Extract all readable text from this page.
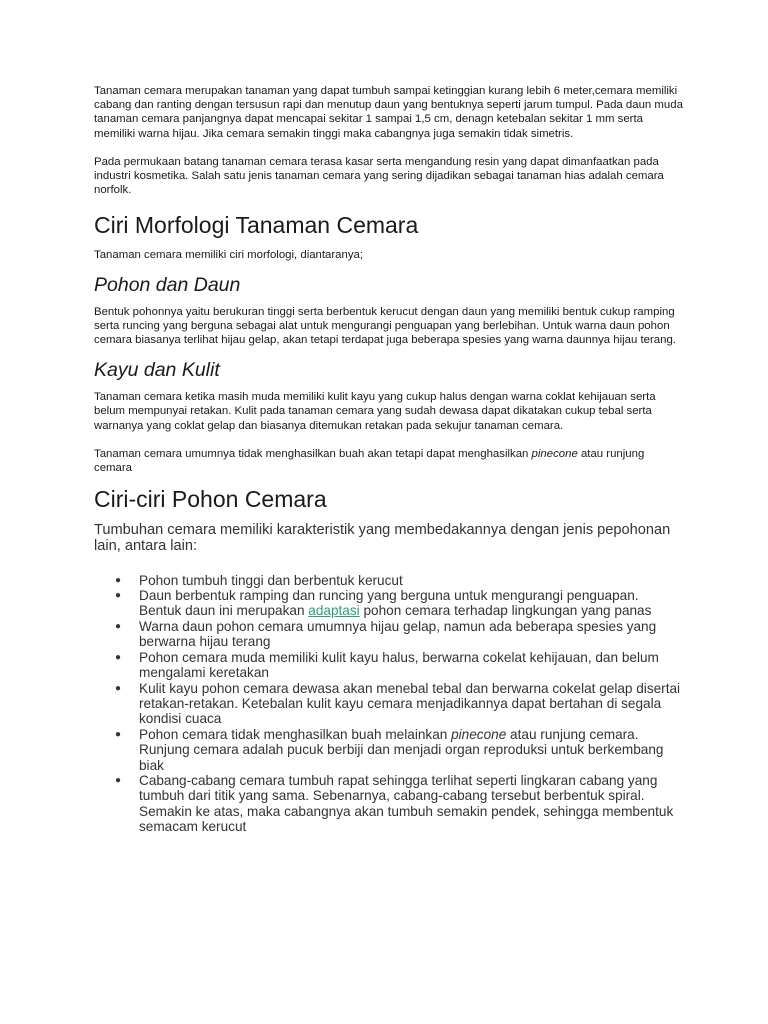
Tanaman cemara merupakan tanaman yang dapat tumbuh sampai ketinggian kurang lebih 6 meter,cemara memiliki cabang dan ranting dengan tersusun rapi dan menutup daun yang bentuknya seperti jarum tumpul. Pada daun muda tanaman cemara panjangnya dapat mencapai sekitar 1 sampai 1,5 cm, denagn ketebalan sekitar 1 mm serta memiliki warna hijau. Jika cemara semakin tinggi maka cabangnya juga semakin tidak simetris.

Pada permukaan batang tanaman cemara terasa kasar serta mengandung resin yang dapat dimanfaatkan pada industri kosmetika. Salah satu jenis tanaman cemara yang sering dijadikan sebagai tanaman hias adalah cemara norfolk.

Ciri Morfologi Tanaman Cemara

Tanaman cemara memiliki ciri morfologi, diantaranya;

Pohon dan Daun

Bentuk pohonnya yaitu berukuran tinggi serta berbentuk kerucut dengan daun yang memiliki bentuk cukup ramping serta runcing yang berguna sebagai alat untuk mengurangi penguapan yang berlebihan. Untuk warna daun pohon cemara biasanya terlihat hijau gelap, akan tetapi terdapat juga beberapa spesies yang warna daunnya hijau terang.

Kayu dan Kulit

Tanaman cemara ketika masih muda memiliki kulit kayu yang cukup halus dengan warna coklat kehijauan serta belum mempunyai retakan. Kulit pada tanaman cemara yang sudah dewasa dapat dikatakan cukup tebal serta warnanya yang coklat gelap dan biasanya ditemukan retakan pada sekujur tanaman cemara.

Tanaman cemara umumnya tidak menghasilkan buah akan tetapi dapat menghasilkan pinecone atau runjung cemara

Ciri-ciri Pohon Cemara

Tumbuhan cemara memiliki karakteristik yang membedakannya dengan jenis pepohonan lain, antara lain:

● Pohon tumbuh tinggi dan berbentuk kerucut
● Daun berbentuk ramping dan runcing yang berguna untuk mengurangi penguapan. Bentuk daun ini merupakan adaptasi pohon cemara terhadap lingkungan yang panas
● Warna daun pohon cemara umumnya hijau gelap, namun ada beberapa spesies yang berwarna hijau terang
● Pohon cemara muda memiliki kulit kayu halus, berwarna cokelat kehijauan, dan belum mengalami keretakan
● Kulit kayu pohon cemara dewasa akan menebal tebal dan berwarna cokelat gelap disertai retakan-retakan. Ketebalan kulit kayu cemara menjadikannya dapat bertahan di segala kondisi cuaca
● Pohon cemara tidak menghasilkan buah melainkan pinecone atau runjung cemara. Runjung cemara adalah pucuk berbiji dan menjadi organ reproduksi untuk berkembang biak
● Cabang-cabang cemara tumbuh rapat sehingga terlihat seperti lingkaran cabang yang tumbuh dari titik yang sama. Sebenarnya, cabang-cabang tersebut berbentuk spiral. Semakin ke atas, maka cabangnya akan tumbuh semakin pendek, sehingga membentuk semacam kerucut
